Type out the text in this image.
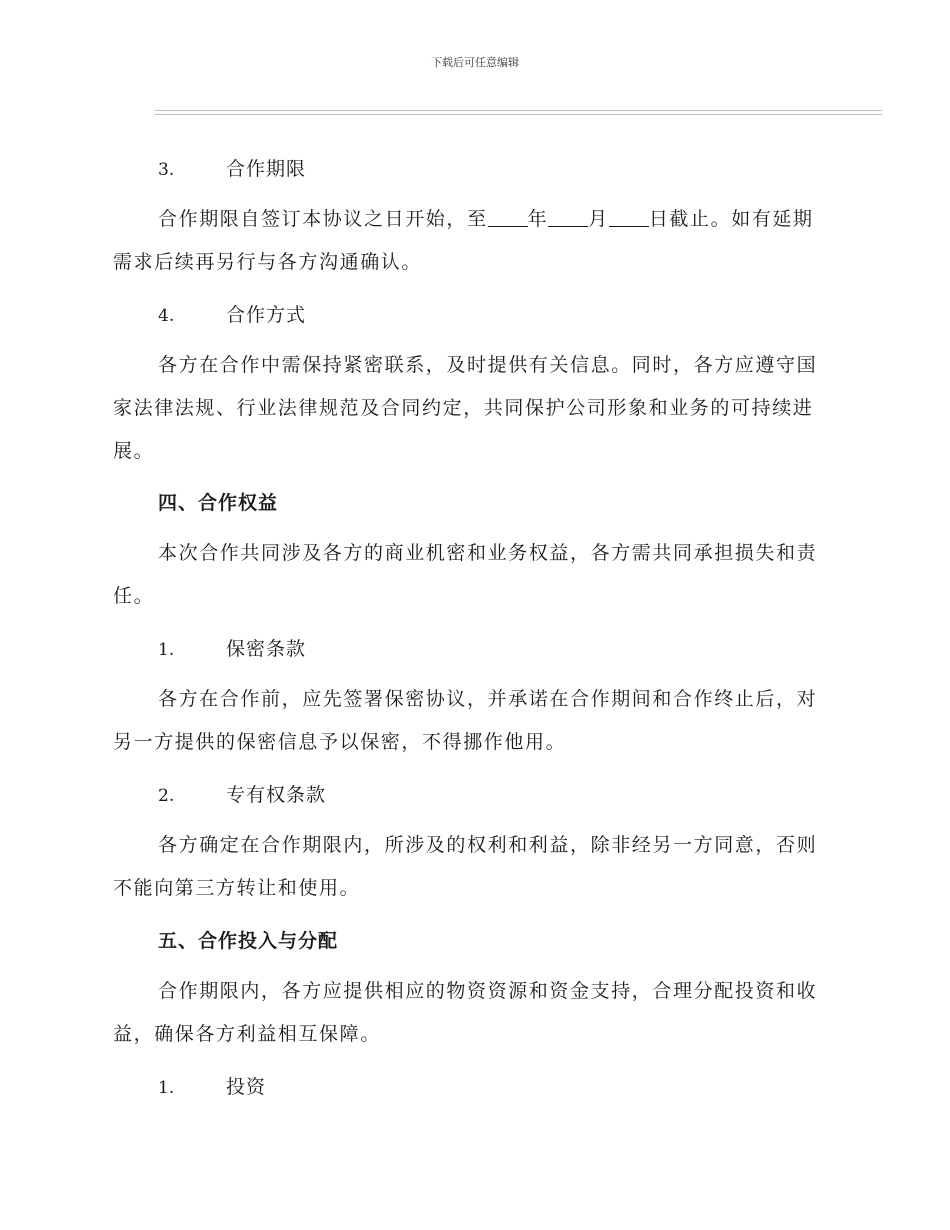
下载后可任意编辑
3.	合作期限

合作期限自签订本协议之日开始，至 年 月 日截止。如有延期需求后续再另行与各方沟通确认。

4.	合作方式

各方在合作中需保持紧密联系，及时提供有关信息。同时，各方应遵守国家法律法规、行业法律规范及合同约定，共同保护公司形象和业务的可持续进展。

四、合作权益

本次合作共同涉及各方的商业机密和业务权益，各方需共同承担损失和责任。

1.	保密条款

各方在合作前，应先签署保密协议，并承诺在合作期间和合作终止后，对另一方提供的保密信息予以保密，不得挪作他用。

2.	专有权条款

各方确定在合作期限内，所涉及的权利和利益，除非经另一方同意，否则不能向第三方转让和使用。

五、合作投入与分配

合作期限内，各方应提供相应的物资资源和资金支持，合理分配投资和收益，确保各方利益相互保障。

1.	投资
